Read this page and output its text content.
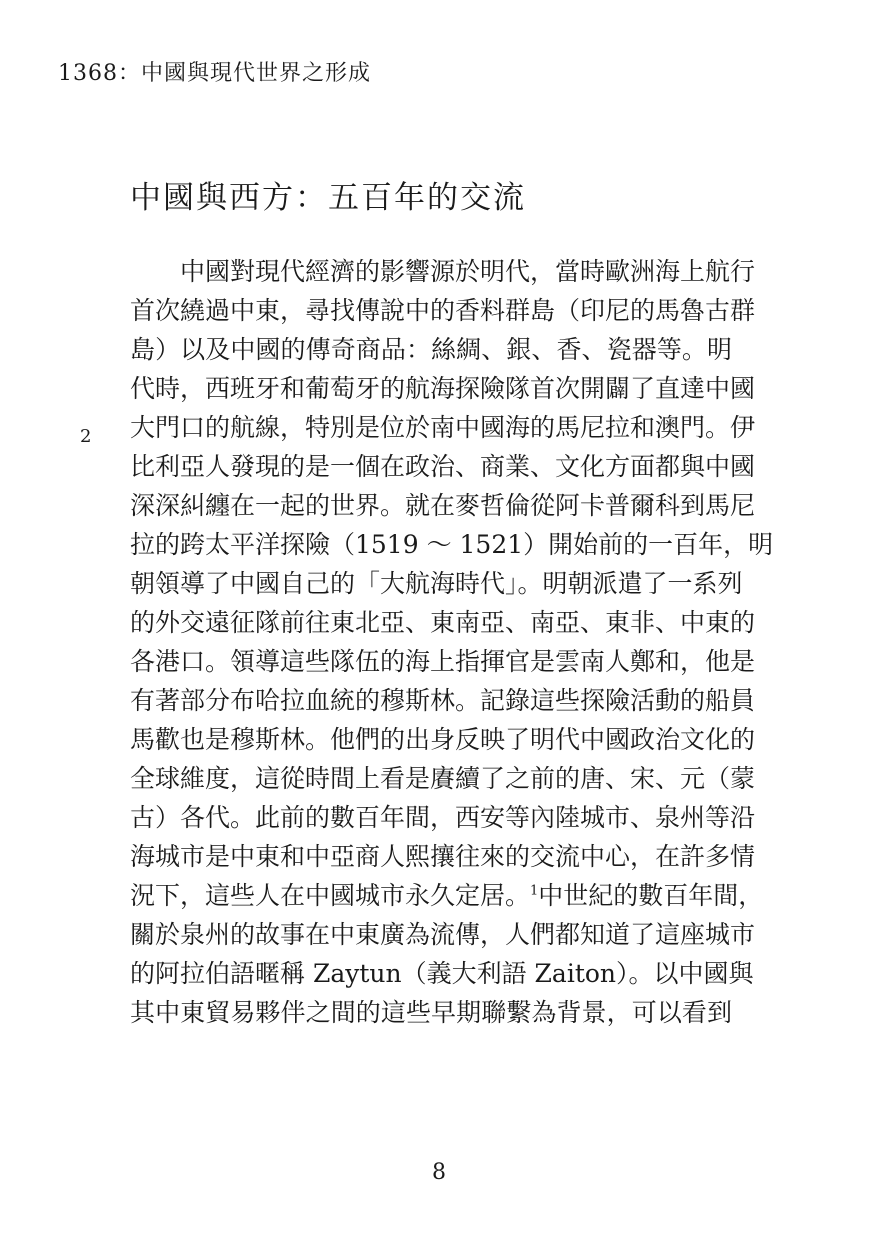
1368：中國與現代世界之形成
中國與西方：五百年的交流
2
中國對現代經濟的影響源於明代，當時歐洲海上航行
首次繞過中東，尋找傳說中的香料群島（印尼的馬魯古群
島）以及中國的傳奇商品：絲綢、銀、香、瓷器等。明
代時，西班牙和葡萄牙的航海探險隊首次開闢了直達中國
大門口的航線，特別是位於南中國海的馬尼拉和澳門。伊
比利亞人發現的是一個在政治、商業、文化方面都與中國
深深糾纏在一起的世界。就在麥哲倫從阿卡普爾科到馬尼
拉的跨太平洋探險（1519 ～ 1521）開始前的一百年，明
朝領導了中國自己的「大航海時代」。明朝派遣了一系列
的外交遠征隊前往東北亞、東南亞、南亞、東非、中東的
各港口。領導這些隊伍的海上指揮官是雲南人鄭和，他是
有著部分布哈拉血統的穆斯林。記錄這些探險活動的船員
馬歡也是穆斯林。他們的出身反映了明代中國政治文化的
全球維度，這從時間上看是賡續了之前的唐、宋、元（蒙
古）各代。此前的數百年間，西安等內陸城市、泉州等沿
海城市是中東和中亞商人熙攘往來的交流中心，在許多情
況下，這些人在中國城市永久定居。$^1$中世紀的數百年間，
關於泉州的故事在中東廣為流傳，人們都知道了這座城市
的阿拉伯語暱稱 Zaytun（義大利語 Zaiton）。以中國與
其中東貿易夥伴之間的這些早期聯繫為背景，可以看到
8
